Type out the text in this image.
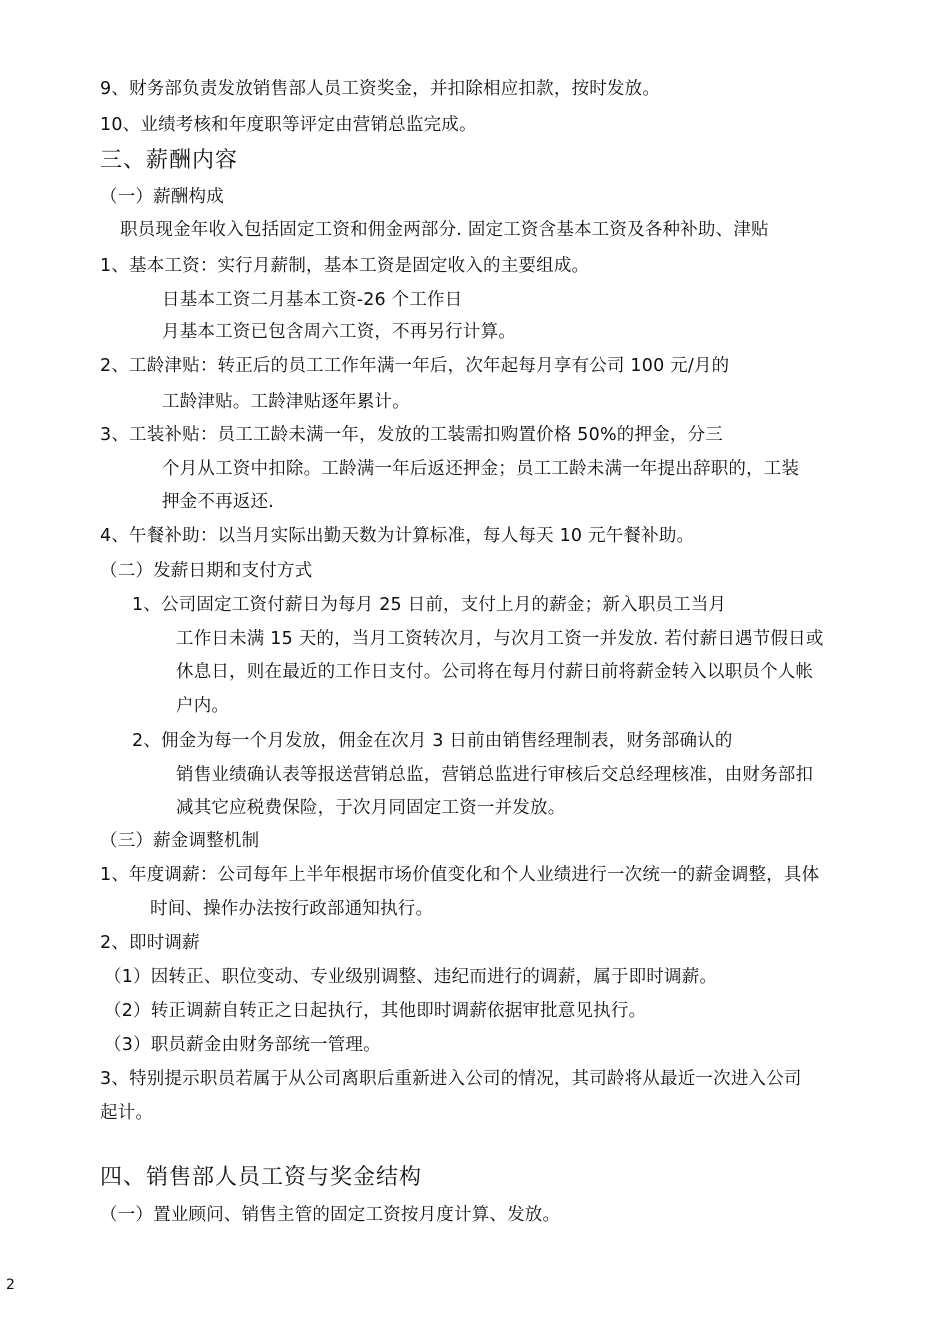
9、财务部负责发放销售部人员工资奖金，并扣除相应扣款，按时发放。
10、业绩考核和年度职等评定由营销总监完成。
三、薪酬内容
（一）薪酬构成
职员现金年收入包括固定工资和佣金两部分. 固定工资含基本工资及各种补助、津贴
1、基本工资：实行月薪制，基本工资是固定收入的主要组成。
日基本工资二月基本工资-26 个工作日
月基本工资已包含周六工资，不再另行计算。
2、工龄津贴：转正后的员工工作年满一年后，次年起每月享有公司 100 元/月的
工龄津贴。工龄津贴逐年累计。
3、工装补贴：员工工龄未满一年，发放的工装需扣购置价格 50%的押金，分三
个月从工资中扣除。工龄满一年后返还押金；员工工龄未满一年提出辞职的，工装
押金不再返还.
4、午餐补助：以当月实际出勤天数为计算标准，每人每天 10 元午餐补助。
（二）发薪日期和支付方式
1、公司固定工资付薪日为每月 25 日前，支付上月的薪金；新入职员工当月
工作日未满 15 天的，当月工资转次月，与次月工资一并发放. 若付薪日遇节假日或
休息日，则在最近的工作日支付。公司将在每月付薪日前将薪金转入以职员个人帐
户内。
2、佣金为每一个月发放，佣金在次月 3 日前由销售经理制表，财务部确认的
销售业绩确认表等报送营销总监，营销总监进行审核后交总经理核准，由财务部扣
减其它应税费保险，于次月同固定工资一并发放。
（三）薪金调整机制
1、年度调薪：公司每年上半年根据市场价值变化和个人业绩进行一次统一的薪金调整，具体
时间、操作办法按行政部通知执行。
2、即时调薪
（1）因转正、职位变动、专业级别调整、违纪而进行的调薪，属于即时调薪。
（2）转正调薪自转正之日起执行，其他即时调薪依据审批意见执行。
（3）职员薪金由财务部统一管理。
3、特别提示职员若属于从公司离职后重新进入公司的情况，其司龄将从最近一次进入公司
起计。
四、销售部人员工资与奖金结构
（一）置业顾问、销售主管的固定工资按月度计算、发放。
2
